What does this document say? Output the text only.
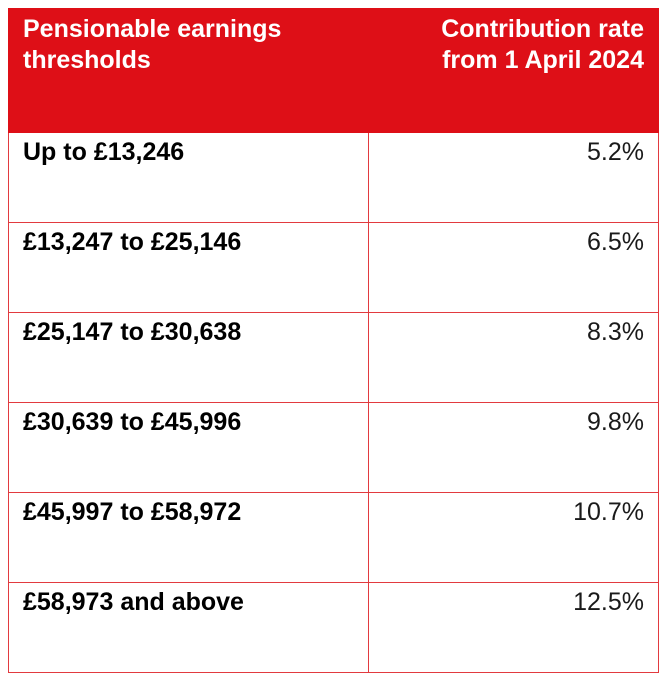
Pensionable earnings
thresholds	Contribution rate
from 1 April 2024

Up to £13,246	5.2%
£13,247 to £25,146	6.5%
£25,147 to £30,638	8.3%
£30,639 to £45,996	9.8%
£45,997 to £58,972	10.7%
£58,973 and above	12.5%
